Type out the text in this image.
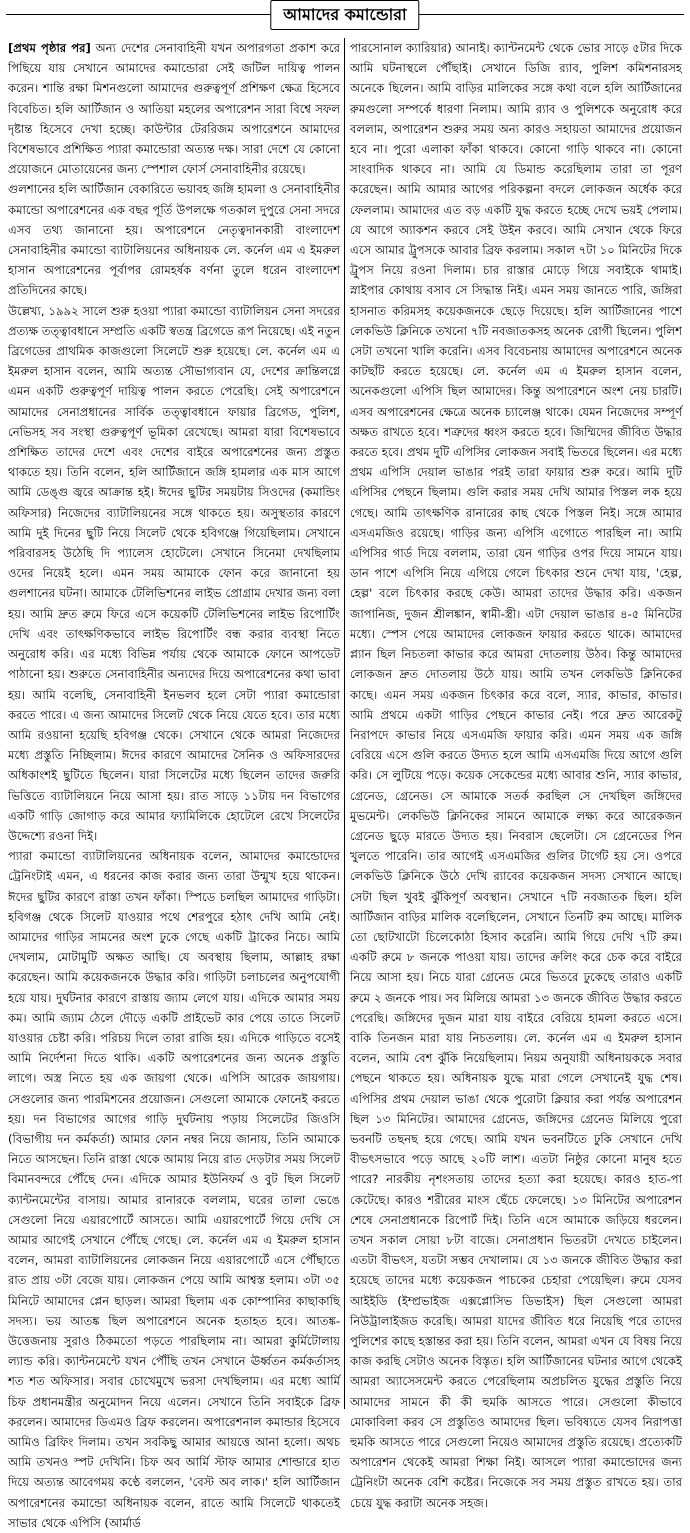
আমাদের কমান্ডোরা

[প্রথম পৃষ্ঠার পর] অন্য দেশের সেনাবাহিনী যখন অপারগতা প্রকাশ করে পিছিয়ে যায় সেখানে আমাদের কমান্ডোরা সেই জটিল দায়িত্ব পালন করেন। শান্তি রক্ষা মিশনগুলো আমাদের গুরুত্বপূর্ণ প্রশিক্ষণ ক্ষেত্র হিসেবে বিবেচিত। হলি আর্টিজান ও আতিয়া মহলের অপারেশন সারা বিশ্বে সফল দৃষ্টান্ত হিসেবে দেখা হচ্ছে। কাউন্টার টেররিজম অপারেশনে আমাদের বিশেষভাবে প্রশিক্ষিত প্যারা কমান্ডোরা অত্যন্ত দক্ষ। সারা দেশে যে কোনো প্রয়োজনে মোতায়েনের জন্য স্পেশাল ফোর্স সেনাবাহিনীর রয়েছে।

গুলশানের হলি আর্টিজান বেকারিতে ভয়াবহ জঙ্গি হামলা ও সেনাবাহিনীর কমান্ডো অপারেশনের এক বছর পূর্তি উপলক্ষে গতকাল দুপুরে সেনা সদরে এসব তথ্য জানানো হয়। অপারেশনে নেতৃত্বদানকারী বাংলাদেশ সেনাবাহিনীর কমান্ডো ব্যাটালিয়নের অধিনায়ক লে. কর্নেল এম এ ইমরুল হাসান অপারেশনের পূর্বাপর রোমহর্ষক বর্ণনা তুলে ধরেন বাংলাদেশ প্রতিদিনের কাছে।

উল্লেখ্য, ১৯৯২ সালে শুরু হওয়া প্যারা কমান্ডো ব্যাটালিয়ন সেনা সদরের প্রত্যক্ষ তত্ত্বাবধানে সম্প্রতি একটি স্বতন্ত্র ব্রিগেডে রূপ নিয়েছে। এই নতুন ব্রিগেডের প্রাথমিক কাজগুলো সিলেটে শুরু হয়েছে। লে. কর্নেল এম এ ইমরুল হাসান বলেন, আমি অত্যন্ত সৌভাগ্যবান যে, দেশের ক্রান্তিলগ্নে এমন একটি গুরুত্বপূর্ণ দায়িত্ব পালন করতে পেরেছি। সেই অপারেশনে আমাদের সেনাপ্রধানের সার্বিক তত্ত্বাবধানে ফায়ার ব্রিগেড, পুলিশ, নেভিসহ সব সংস্থা গুরুত্বপূর্ণ ভূমিকা রেখেছে। আমরা যারা বিশেষভাবে প্রশিক্ষিত তাদের দেশে এবং দেশের বাইরে অপারেশনের জন্য প্রস্তুত থাকতে হয়। তিনি বলেন, হলি আর্টিজানে জঙ্গি হামলার এক মাস আগে আমি ডেঙ্গু জ্বরে আক্রান্ত হই। ঈদের ছুটির সময়টায় সিওদের (কমান্ডিং অফিসার) নিজেদের ব্যাটালিয়নের সঙ্গে থাকতে হয়। অসুস্থতার কারণে আমি দুই দিনের ছুটি নিয়ে সিলেট থেকে হবিগঞ্জে গিয়েছিলাম। সেখানে পরিবারসহ উঠেছি দি প্যালেস হোটেলে। সেখানে সিনেমা দেখছিলাম ওদের নিয়েই হলে। এমন সময় আমাকে ফোন করে জানানো হয় গুলশানের ঘটনা। আমাকে টেলিভিশনের লাইভ প্রোগ্রাম দেখার জন্য বলা হয়। আমি দ্রুত রুমে ফিরে এসে কয়েকটি টেলিভিশনের লাইভ রিপোর্টিং দেখি এবং তাৎক্ষণিকভাবে লাইভ রিপোর্টিং বন্ধ করার ব্যবস্থা নিতে অনুরোধ করি। এর মধ্যে বিভিন্ন পর্যায় থেকে আমাকে ফোনে আপডেট পাঠানো হয়। শুরুতে সেনাবাহিনীর অন্যদের দিয়ে অপারেশনের কথা ভাবা হয়। আমি বলেছি, সেনাবাহিনী ইনভলব হলে সেটা প্যারা কমান্ডোরা করতে পারে। এ জন্য আমাদের সিলেট থেকে নিয়ে যেতে হবে। তার মধ্যে আমি রওয়ানা হয়েছি হবিগঞ্জ থেকে। সেখানে থেকে আমরা নিজেদের মধ্যে প্রস্তুতি নিচ্ছিলাম। ঈদের কারণে আমাদের সৈনিক ও অফিসারদের অধিকাংশই ছুটিতে ছিলেন। যারা সিলেটের মধ্যে ছিলেন তাদের জরুরি ভিত্তিতে ব্যাটালিয়নে নিয়ে আসা হয়। রাত সাড়ে ১১টায় দন বিভাগের একটি গাড়ি জোগাড় করে আমার ফ্যামিলিকে হোটেলে রেখে সিলেটের উদ্দেশ্যে রওনা দিই।

প্যারা কমান্ডো ব্যাটালিয়নের অধিনায়ক বলেন, আমাদের কমান্ডোদের ট্রেনিংটাই এমন, এ ধরনের কাজ করার জন্য তারা উন্মুখ হয়ে থাকেন। ঈদের ছুটির কারণে রাস্তা তখন ফাঁকা। স্পিডে চলছিল আমাদের গাড়িটা। হবিগঞ্জ থেকে সিলেট যাওয়ার পথে শেরপুরে হঠাৎ দেখি আমি নেই। আমাদের গাড়ির সামনের অংশ ঢুকে গেছে একটি ট্রাকের নিচে। আমি দেখলাম, মোটামুটি অক্ষত আছি। যে অবস্থায় ছিলাম, আল্লাহ রক্ষা করেছেন। আমি কয়েকজনকে উদ্ধার করি। গাড়িটা চলাচলের অনুপযোগী হয়ে যায়। দুর্ঘটনার কারণে রাস্তায় জ্যাম লেগে যায়। এদিকে আমার সময় কম। আমি জ্যাম ঠেলে দৌড়ে একটি প্রাইভেট কার পেয়ে তাতে সিলেট যাওয়ার চেষ্টা করি। পরিচয় দিলে তারা রাজি হয়। এদিকে গাড়িতে বসেই আমি নির্দেশনা দিতে থাকি। একটি অপারেশনের জন্য অনেক প্রস্তুতি লাগে। অস্ত্র নিতে হয় এক জায়গা থেকে। এপিসি আরেক জায়গায়। সেগুলোর জন্য পারমিশনের প্রয়োজন। সেগুলো আমাকে ফোনেই করতে হয়। দন বিভাগের আগের গাড়ি দুর্ঘটনায় পড়ায় সিলেটের জিওসি (বিভাগীয় দন কর্মকর্তা) আমার ফোন নম্বর নিয়ে জানায়, তিনি আমাকে নিতে আসছেন। তিনি রাস্তা থেকে আমায় নিয়ে রাত দেড়টার সময় সিলেট বিমানবন্দরে পৌঁছে দেন। এদিকে আমার ইউনিফর্ম ও বুট ছিল সিলেট ক্যান্টনমেন্টের বাসায়। আমার রানারকে বললাম, ঘরের তালা ভেঙে সেগুলো নিয়ে এয়ারপোর্টে আসতে। আমি এয়ারপোর্টে গিয়ে দেখি সে আমার আগেই সেখানে পৌঁছে গেছে। লে. কর্নেল এম এ ইমরুল হাসান বলেন, আমরা ব্যাটালিয়নের লোকজন নিয়ে এয়ারপোর্টে এসে পৌঁছাতে রাত প্রায় ৩টা বেজে যায়। লোকজন পেয়ে আমি আশ্বস্ত হলাম। ৩টা ৩৫ মিনিটে আমাদের প্লেন ছাড়ল। আমরা ছিলাম এক কোম্পানির কাছাকাছি সদস্য। ভয় আতঙ্ক ছিল অপারেশনে অনেক হতাহত হবে। আতঙ্ক-উত্তেজনায় সুরাও ঠিকমতো পড়তে পারছিলাম না। আমরা কুর্মিটোলায় ল্যান্ড করি। ক্যান্টনমেন্টে যখন পৌঁছি তখন সেখানে ঊর্ধ্বতন কর্মকর্তাসহ শত শত অফিসার। সবার চোখেমুখে ভরসা দেখছিলাম। এর মধ্যে আর্মি চিফ প্রধানমন্ত্রীর অনুমোদন নিয়ে এলেন। সেখানে তিনি সবাইকে ব্রিফ করলেন। আমাদের ডিএমও ব্রিফ করলেন। অপারেশনাল কমান্ডার হিসেবে আমিও ব্রিফিং দিলাম। তখন সবকিছু আমার আয়ত্তে আনা হলো। অথচ আমি তখনও স্পট দেখিনি। চিফ অব আর্মি স্টাফ আমার শোল্ডারে হাত দিয়ে অত্যন্ত আবেগময় কণ্ঠে বললেন, 'বেস্ট অব লাক।' হলি আর্টিজান অপারেশনের কমান্ডো অধিনায়ক বলেন, রাতে আমি সিলেটে থাকতেই সাভার থেকে এপিসি (আর্মার্ড

পারসোনাল ক্যারিয়ার) আনাই। ক্যান্টনমেন্ট থেকে ভোর সাড়ে ৫টার দিকে আমি ঘটনাস্থলে পৌঁছাই। সেখানে ডিজি র‍্যাব, পুলিশ কমিশনারসহ অনেকে ছিলেন। আমি বাড়ির মালিকের সঙ্গে কথা বলে হলি আর্টিজানের রুমগুলো সম্পর্কে ধারণা নিলাম। আমি র‍্যাব ও পুলিশকে অনুরোধ করে বললাম, অপারেশন শুরুর সময় অন্য কারও সহায়তা আমাদের প্রয়োজন হবে না। পুরো এলাকা ফাঁকা থাকবে। কোনো গাড়ি থাকবে না। কোনো সাংবাদিক থাকবে না। আমি যে ডিমান্ড করেছিলাম তারা তা পূরণ করেছেন। আমি আমার আগের পরিকল্পনা বদলে লোকজন অর্ধেক করে ফেললাম। আমাদের এত বড় একটি যুদ্ধ করতে হচ্ছে দেখে ভয়ই পেলাম। যে আগে অ্যাকশন করবে সেই উইন করবে। আমি সেখান থেকে ফিরে এসে আমার ট্রুপসকে আবার ব্রিফ করলাম। সকাল ৭টা ১০ মিনিটের দিকে ট্রুপস নিয়ে রওনা দিলাম। চার রাস্তার মোড়ে গিয়ে সবাইকে থামাই। স্নাইপার কোথায় বসাব সে সিদ্ধান্ত নিই। এমন সময় জানতে পারি, জঙ্গিরা হাসনাত করিমসহ কয়েকজনকে ছেড়ে দিয়েছে। হলি আর্টিজানের পাশে লেকভিউ ক্লিনিকে তখনো ৭টি নবজাতকসহ অনেক রোগী ছিলেন। পুলিশ সেটা তখনো খালি করেনি। এসব বিবেচনায় আমাদের অপারেশনে অনেক কাটছাঁট করতে হয়েছে। লে. কর্নেল এম এ ইমরুল হাসান বলেন, অনেকগুলো এপিসি ছিল আমাদের। কিন্তু অপারেশনে অংশ নেয় চারটি। এসব অপারেশনের ক্ষেত্রে অনেক চ্যালেঞ্জ থাকে। যেমন নিজেদের সম্পূর্ণ অক্ষত রাখতে হবে। শত্রুদের ধ্বংস করতে হবে। জিম্মিদের জীবিত উদ্ধার করতে হবে। প্রথম দুটি এপিসির লোকজন সবাই ভিতরে ছিলেন। এর মধ্যে প্রথম এপিসি দেয়াল ভাঙার পরই তারা ফায়ার শুরু করে। আমি দুটি এপিসির পেছনে ছিলাম। গুলি করার সময় দেখি আমার পিস্তল লক হয়ে গেছে। আমি তাৎক্ষণিক রানারের কাছ থেকে পিস্তল নিই। সঙ্গে আমার এসএমজিও রয়েছে। গাড়ির জন্য এপিসি এগোতে পারছিল না। আমি এপিসির গার্ড দিয়ে বললাম, তারা যেন গাড়ির ওপর দিয়ে সামনে যায়। ডান পাশে এপিসি নিয়ে এগিয়ে গেলে চিৎকার শুনে দেখা যায়, 'হেল্প, হেল্প' বলে চিৎকার করছে কেউ। আমরা তাদের উদ্ধার করি। একজন জাপানিজ, দুজন শ্রীলঙ্কান, স্বামী-স্ত্রী। এটা দেয়াল ভাঙার ৪-৫ মিনিটের মধ্যে। স্পেস পেয়ে আমাদের লোকজন ফায়ার করতে থাকে। আমাদের প্ল্যান ছিল নিচতলা কাভার করে আমরা দোতলায় উঠব। কিন্তু আমাদের লোকজন দ্রুত দোতলায় উঠে যায়। আমি তখন লেকভিউ ক্লিনিকের কাছে। এমন সময় একজন চিৎকার করে বলে, স্যার, কাভার, কাভার। আমি প্রথমে একটা গাড়ির পেছনে কাভার নেই। পরে দ্রুত আরেকটু নিরাপদে কাভার নিয়ে এসএমজি ফায়ার করি। এমন সময় এক জঙ্গি বেরিয়ে এসে গুলি করতে উদ্যত হলে আমি এসএমজি দিয়ে আগে গুলি করি। সে লুটিয়ে পড়ে। কয়েক সেকেন্ডের মধ্যে আবার শুনি, স্যার কাভার, গ্রেনেড, গ্রেনেড। সে আমাকে সতর্ক করছিল সে দেখছিল জঙ্গিদের মুভমেন্ট। লেকভিউ ক্লিনিকের সামনে আমাকে লক্ষ্য করে আরেকজন গ্রেনেড ছুড়ে মারতে উদ্যত হয়। নিবরাস ছেলেটা। সে গ্রেনেডের পিন খুলতে পারেনি। তার আগেই এসএমজির গুলির টার্গেট হয় সে। ওপরে লেকভিউ ক্লিনিকে উঠে দেখি র‍্যাবের কয়েকজন সদস্য সেখানে আছে। সেটা ছিল খুবই ঝুঁকিপূর্ণ অবস্থান। সেখানে ৭টি নবজাতক ছিল। হলি আর্টিজান বাড়ির মালিক বলেছিলেন, সেখানে তিনটি রুম আছে। মালিক তো ছোটখাটো চিলেকোঠা হিসাব করেনি। আমি গিয়ে দেখি ৭টি রুম। একটি রুমে ৮ জনকে পাওয়া যায়। তাদের ক্রলিং করে চেক করে বাইরে নিয়ে আসা হয়। নিচে যারা গ্রেনেড মেরে ভিতরে ঢুকেছে তারাও একটি রুমে ২ জনকে পায়। সব মিলিয়ে আমরা ১৩ জনকে জীবিত উদ্ধার করতে পেরেছি। জঙ্গিদের দুজন মারা যায় বাইরে বেরিয়ে হামলা করতে এসে। বাকি তিনজন মারা যায় নিচতলায়। লে. কর্নেল এম এ ইমরুল হাসান বলেন, আমি বেশ ঝুঁকি নিয়েছিলাম। নিয়ম অনুযায়ী অধিনায়ককে সবার পেছনে থাকতে হয়। অধিনায়ক যুদ্ধে মারা গেলে সেখানেই যুদ্ধ শেষ। এপিসির প্রথম দেয়াল ভাঙা থেকে পুরোটা ক্লিয়ার করা পর্যন্ত অপারেশন ছিল ১৩ মিনিটের। আমাদের গ্রেনেড, জঙ্গিদের গ্রেনেড মিলিয়ে পুরো ভবনটি তছনছ হয়ে গেছে। আমি যখন ভবনটিতে ঢুকি সেখানে দেখি বীভৎসভাবে পড়ে আছে ২০টি লাশ। এতটা নিষ্ঠুর কোনো মানুষ হতে পারে? নারকীয় নৃশংসতায় তাদের হত্যা করা হয়েছে। কারও হাত-পা কেটেছে। কারও শরীরের মাংস ছেঁচে ফেলেছে। ১৩ মিনিটের অপারেশন শেষে সেনাপ্রধানকে রিপোর্ট দিই। তিনি এসে আমাকে জড়িয়ে ধরলেন। তখন সকাল সোয়া ৮টা বাজে। সেনাপ্রধান ভিতরটা দেখতে চাইলেন। এতটা বীভৎস, যতটা সম্ভব দেখালাম। যে ১৩ জনকে জীবিত উদ্ধার করা হয়েছে তাদের মধ্যে কয়েকজন পাচকের চেহারা পেয়েছিল। রুমে যেসব আইইডি (ইম্প্রভাইজ এক্সপ্লোসিভ ডিভাইস) ছিল সেগুলো আমরা নিউট্রালাইজড করেছি। আমরা যাদের জীবিত ধরে নিয়েছি পরে তাদের পুলিশের কাছে হস্তান্তর করা হয়। তিনি বলেন, আমরা এখন যে বিষয় নিয়ে কাজ করছি সেটাও অনেক বিস্তৃত। হলি আর্টিজানের ঘটনার আগে থেকেই আমরা অ্যাসেসমেন্ট করতে পেরেছিলাম অপ্রচলিত যুদ্ধের প্রস্তুতি নিয়ে আমাদের সামনে কী কী হুমকি আসতে পারে। সেগুলো কীভাবে মোকাবিলা করব সে প্রস্তুতিও আমাদের ছিল। ভবিষ্যতে যেসব নিরাপত্তা হুমকি আসতে পারে সেগুলো নিয়েও আমাদের প্রস্তুতি রয়েছে। প্রত্যেকটি অপারেশন থেকেই আমরা শিক্ষা নিই। আসলে প্যারা কমান্ডোদের জন্য ট্রেনিংটা অনেক বেশি কষ্টের। নিজেকে সব সময় প্রস্তুত রাখতে হয়। তার চেয়ে যুদ্ধ করাটা অনেক সহজ।
